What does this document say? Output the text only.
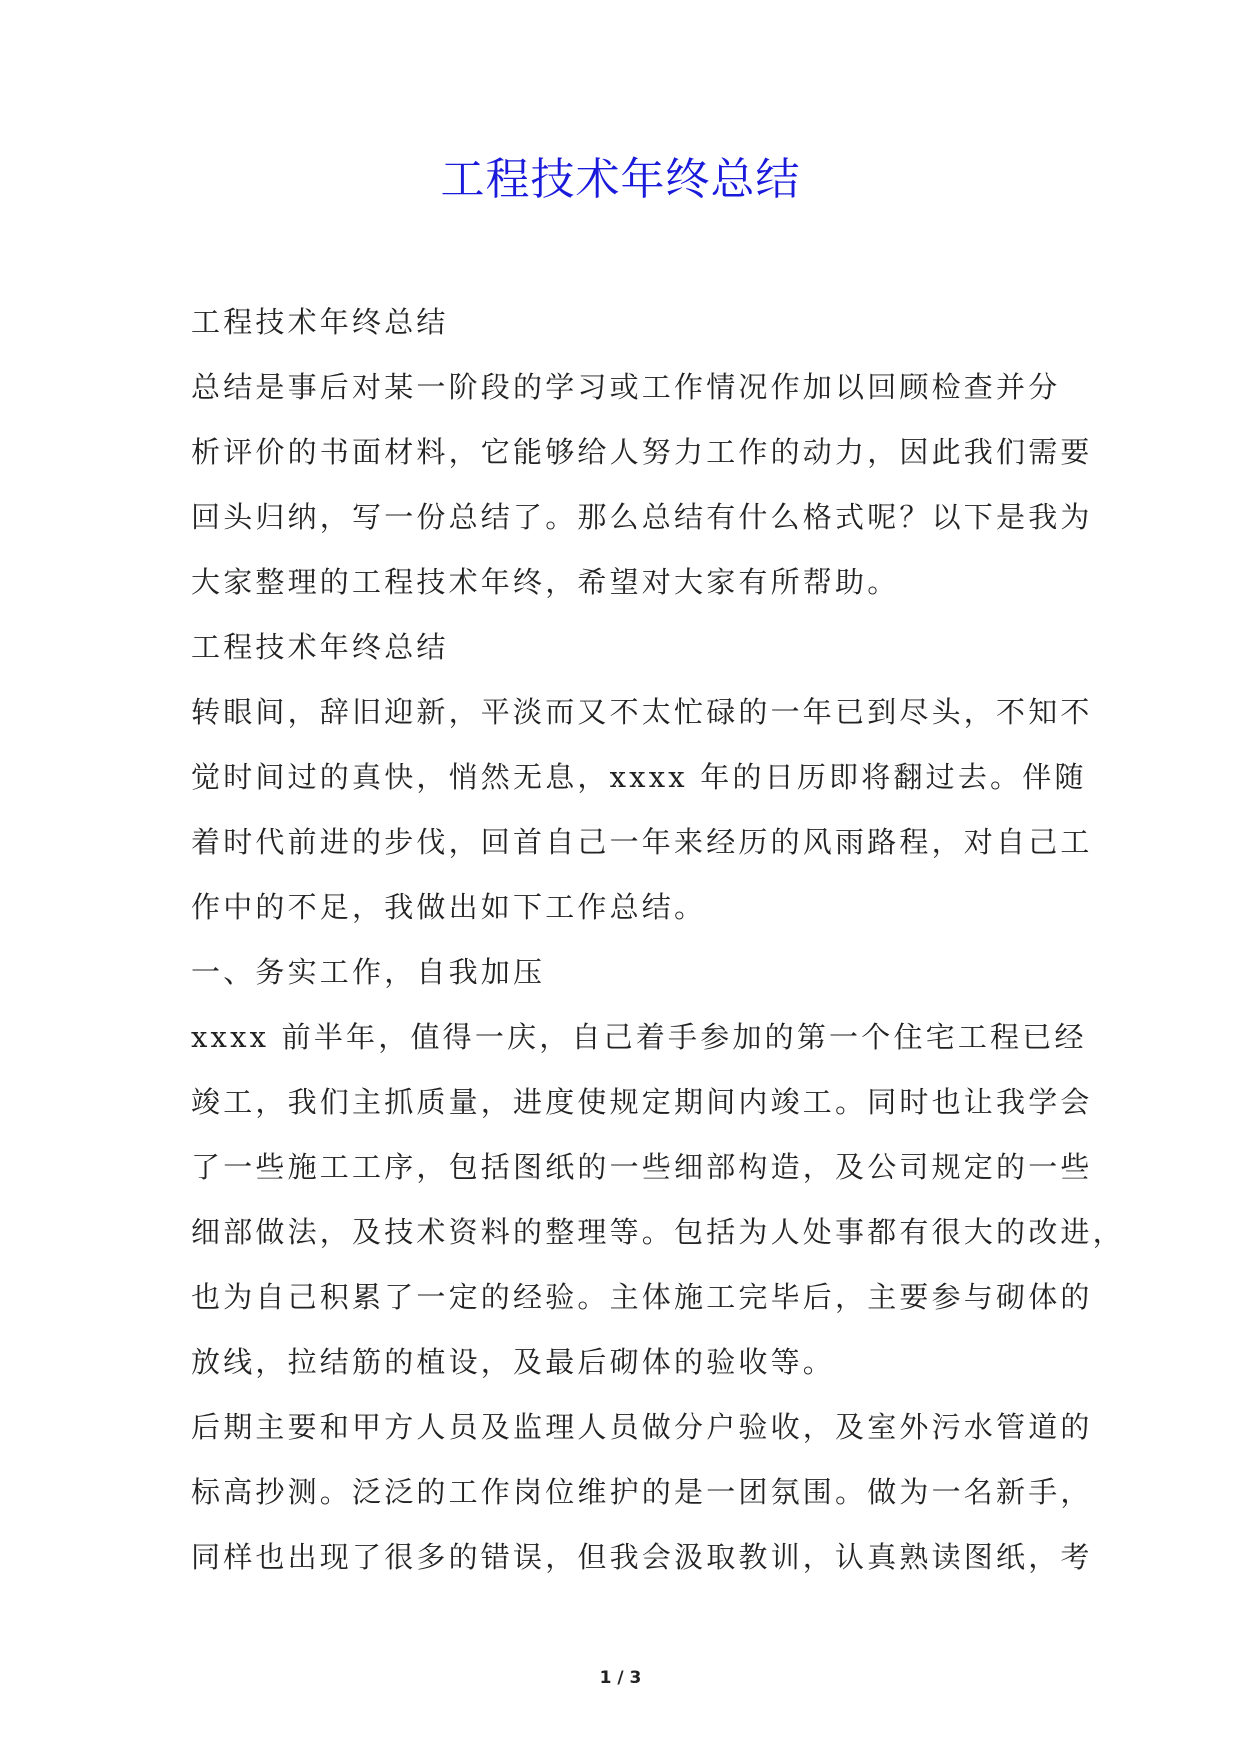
工程技术年终总结
工程技术年终总结
总结是事后对某一阶段的学习或工作情况作加以回顾检查并分
析评价的书面材料，它能够给人努力工作的动力，因此我们需要
回头归纳，写一份总结了。那么总结有什么格式呢？以下是我为
大家整理的工程技术年终，希望对大家有所帮助。
工程技术年终总结
转眼间，辞旧迎新，平淡而又不太忙碌的一年已到尽头，不知不
觉时间过的真快，悄然无息，xxxx 年的日历即将翻过去。伴随
着时代前进的步伐，回首自己一年来经历的风雨路程，对自己工
作中的不足，我做出如下工作总结。
一、务实工作，自我加压
xxxx 前半年，值得一庆，自己着手参加的第一个住宅工程已经
竣工，我们主抓质量，进度使规定期间内竣工。同时也让我学会
了一些施工工序，包括图纸的一些细部构造，及公司规定的一些
细部做法，及技术资料的整理等。包括为人处事都有很大的改进，
也为自己积累了一定的经验。主体施工完毕后，主要参与砌体的
放线，拉结筋的植设，及最后砌体的验收等。
后期主要和甲方人员及监理人员做分户验收，及室外污水管道的
标高抄测。泛泛的工作岗位维护的是一团氛围。做为一名新手，
同样也出现了很多的错误，但我会汲取教训，认真熟读图纸，考
1 / 3
